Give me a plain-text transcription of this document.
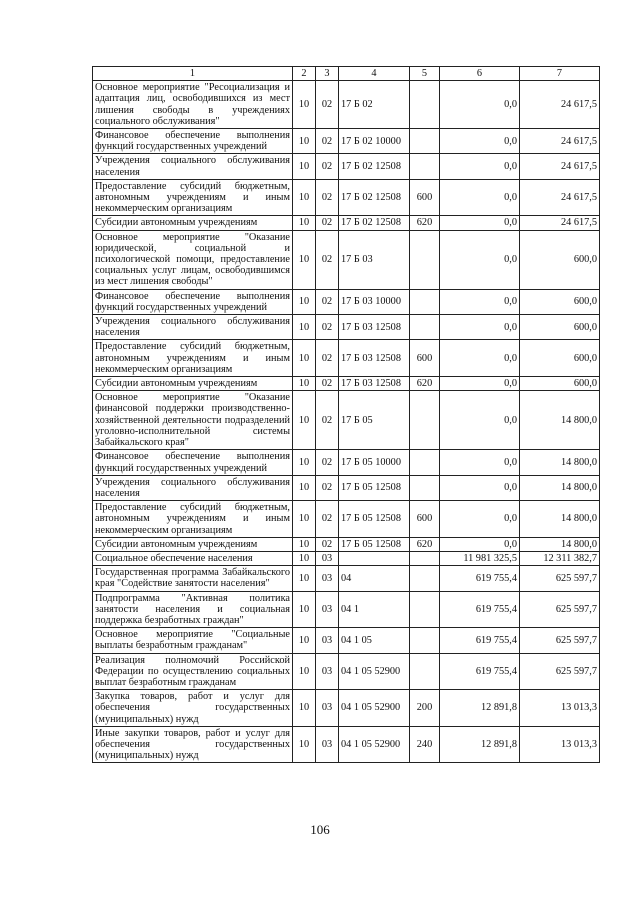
1	2	3	4	5	6	7
Основное мероприятие "Ресоциализация и адаптация лиц, освободившихся из мест лишения свободы в учреждениях социального обслуживания"	10	02	17 Б 02		0,0	24 617,5
Финансовое обеспечение выполнения функций государственных учреждений	10	02	17 Б 02 10000		0,0	24 617,5
Учреждения социального обслуживания населения	10	02	17 Б 02 12508		0,0	24 617,5
Предоставление субсидий бюджетным, автономным учреждениям и иным некоммерческим организациям	10	02	17 Б 02 12508	600	0,0	24 617,5
Субсидии автономным учреждениям	10	02	17 Б 02 12508	620	0,0	24 617,5
Основное мероприятие "Оказание юридической, социальной и психологической помощи, предоставление социальных услуг лицам, освободившимся из мест лишения свободы"	10	02	17 Б 03		0,0	600,0
Финансовое обеспечение выполнения функций государственных учреждений	10	02	17 Б 03 10000		0,0	600,0
Учреждения социального обслуживания населения	10	02	17 Б 03 12508		0,0	600,0
Предоставление субсидий бюджетным, автономным учреждениям и иным некоммерческим организациям	10	02	17 Б 03 12508	600	0,0	600,0
Субсидии автономным учреждениям	10	02	17 Б 03 12508	620	0,0	600,0
Основное мероприятие "Оказание финансовой поддержки производственно-хозяйственной деятельности подразделений уголовно-исполнительной системы Забайкальского края"	10	02	17 Б 05		0,0	14 800,0
Финансовое обеспечение выполнения функций государственных учреждений	10	02	17 Б 05 10000		0,0	14 800,0
Учреждения социального обслуживания населения	10	02	17 Б 05 12508		0,0	14 800,0
Предоставление субсидий бюджетным, автономным учреждениям и иным некоммерческим организациям	10	02	17 Б 05 12508	600	0,0	14 800,0
Субсидии автономным учреждениям	10	02	17 Б 05 12508	620	0,0	14 800,0
Социальное обеспечение населения	10	03			11 981 325,5	12 311 382,7
Государственная программа Забайкальского края "Содействие занятости населения"	10	03	04		619 755,4	625 597,7
Подпрограмма "Активная политика занятости населения и социальная поддержка безработных граждан"	10	03	04 1		619 755,4	625 597,7
Основное мероприятие "Социальные выплаты безработным гражданам"	10	03	04 1 05		619 755,4	625 597,7
Реализация полномочий Российской Федерации по осуществлению социальных выплат безработным гражданам	10	03	04 1 05 52900		619 755,4	625 597,7
Закупка товаров, работ и услуг для обеспечения государственных (муниципальных) нужд	10	03	04 1 05 52900	200	12 891,8	13 013,3
Иные закупки товаров, работ и услуг для обеспечения государственных (муниципальных) нужд	10	03	04 1 05 52900	240	12 891,8	13 013,3
106
